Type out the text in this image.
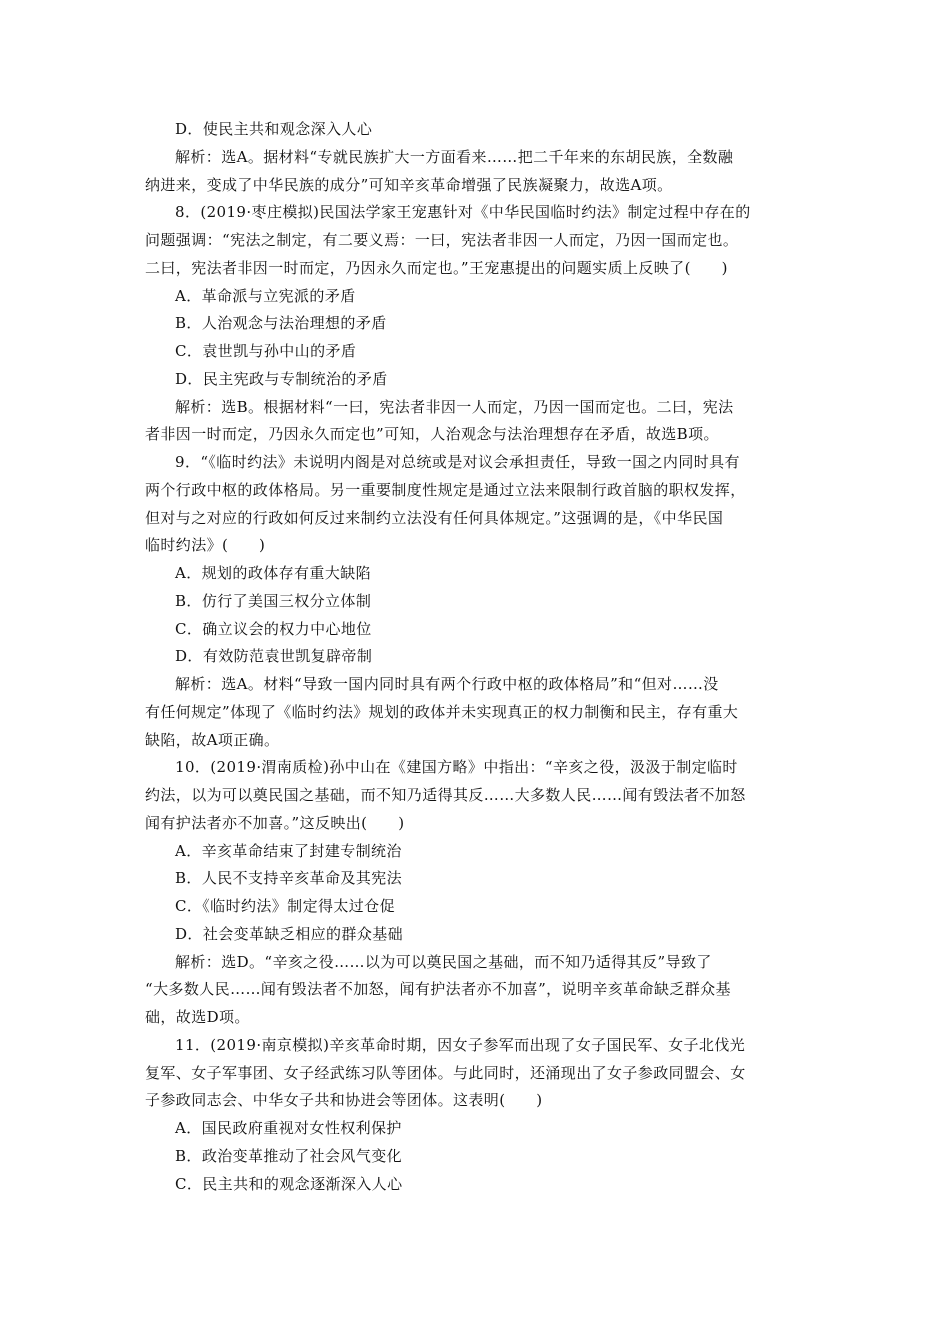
D．使民主共和观念深入人心
解析：选A。据材料“专就民族扩大一方面看来……把二千年来的东胡民族，全数融
纳进来，变成了中华民族的成分”可知辛亥革命增强了民族凝聚力，故选A项。
8．(2019·枣庄模拟)民国法学家王宠惠针对《中华民国临时约法》制定过程中存在的
问题强调：“宪法之制定，有二要义焉：一曰，宪法者非因一人而定，乃因一国而定也。
二曰，宪法者非因一时而定，乃因永久而定也。”王宠惠提出的问题实质上反映了(　　)
A．革命派与立宪派的矛盾
B．人治观念与法治理想的矛盾
C．袁世凯与孙中山的矛盾
D．民主宪政与专制统治的矛盾
解析：选B。根据材料“一曰，宪法者非因一人而定，乃因一国而定也。二曰，宪法
者非因一时而定，乃因永久而定也”可知，人治观念与法治理想存在矛盾，故选B项。
9．“《临时约法》未说明内阁是对总统或是对议会承担责任，导致一国之内同时具有
两个行政中枢的政体格局。另一重要制度性规定是通过立法来限制行政首脑的职权发挥，
但对与之对应的行政如何反过来制约立法没有任何具体规定。”这强调的是，《中华民国
临时约法》(　　)
A．规划的政体存有重大缺陷
B．仿行了美国三权分立体制
C．确立议会的权力中心地位
D．有效防范袁世凯复辟帝制
解析：选A。材料“导致一国内同时具有两个行政中枢的政体格局”和“但对……没
有任何规定”体现了《临时约法》规划的政体并未实现真正的权力制衡和民主，存有重大
缺陷，故A项正确。
10．(2019·渭南质检)孙中山在《建国方略》中指出：“辛亥之役，汲汲于制定临时
约法，以为可以奠民国之基础，而不知乃适得其反……大多数人民……闻有毁法者不加怒
闻有护法者亦不加喜。”这反映出(　　)
A．辛亥革命结束了封建专制统治
B．人民不支持辛亥革命及其宪法
C．《临时约法》制定得太过仓促
D．社会变革缺乏相应的群众基础
解析：选D。“辛亥之役……以为可以奠民国之基础，而不知乃适得其反”导致了
“大多数人民……闻有毁法者不加怒，闻有护法者亦不加喜”，说明辛亥革命缺乏群众基
础，故选D项。
11．(2019·南京模拟)辛亥革命时期，因女子参军而出现了女子国民军、女子北伐光
复军、女子军事团、女子经武练习队等团体。与此同时，还涌现出了女子参政同盟会、女
子参政同志会、中华女子共和协进会等团体。这表明(　　)
A．国民政府重视对女性权利保护
B．政治变革推动了社会风气变化
C．民主共和的观念逐渐深入人心
